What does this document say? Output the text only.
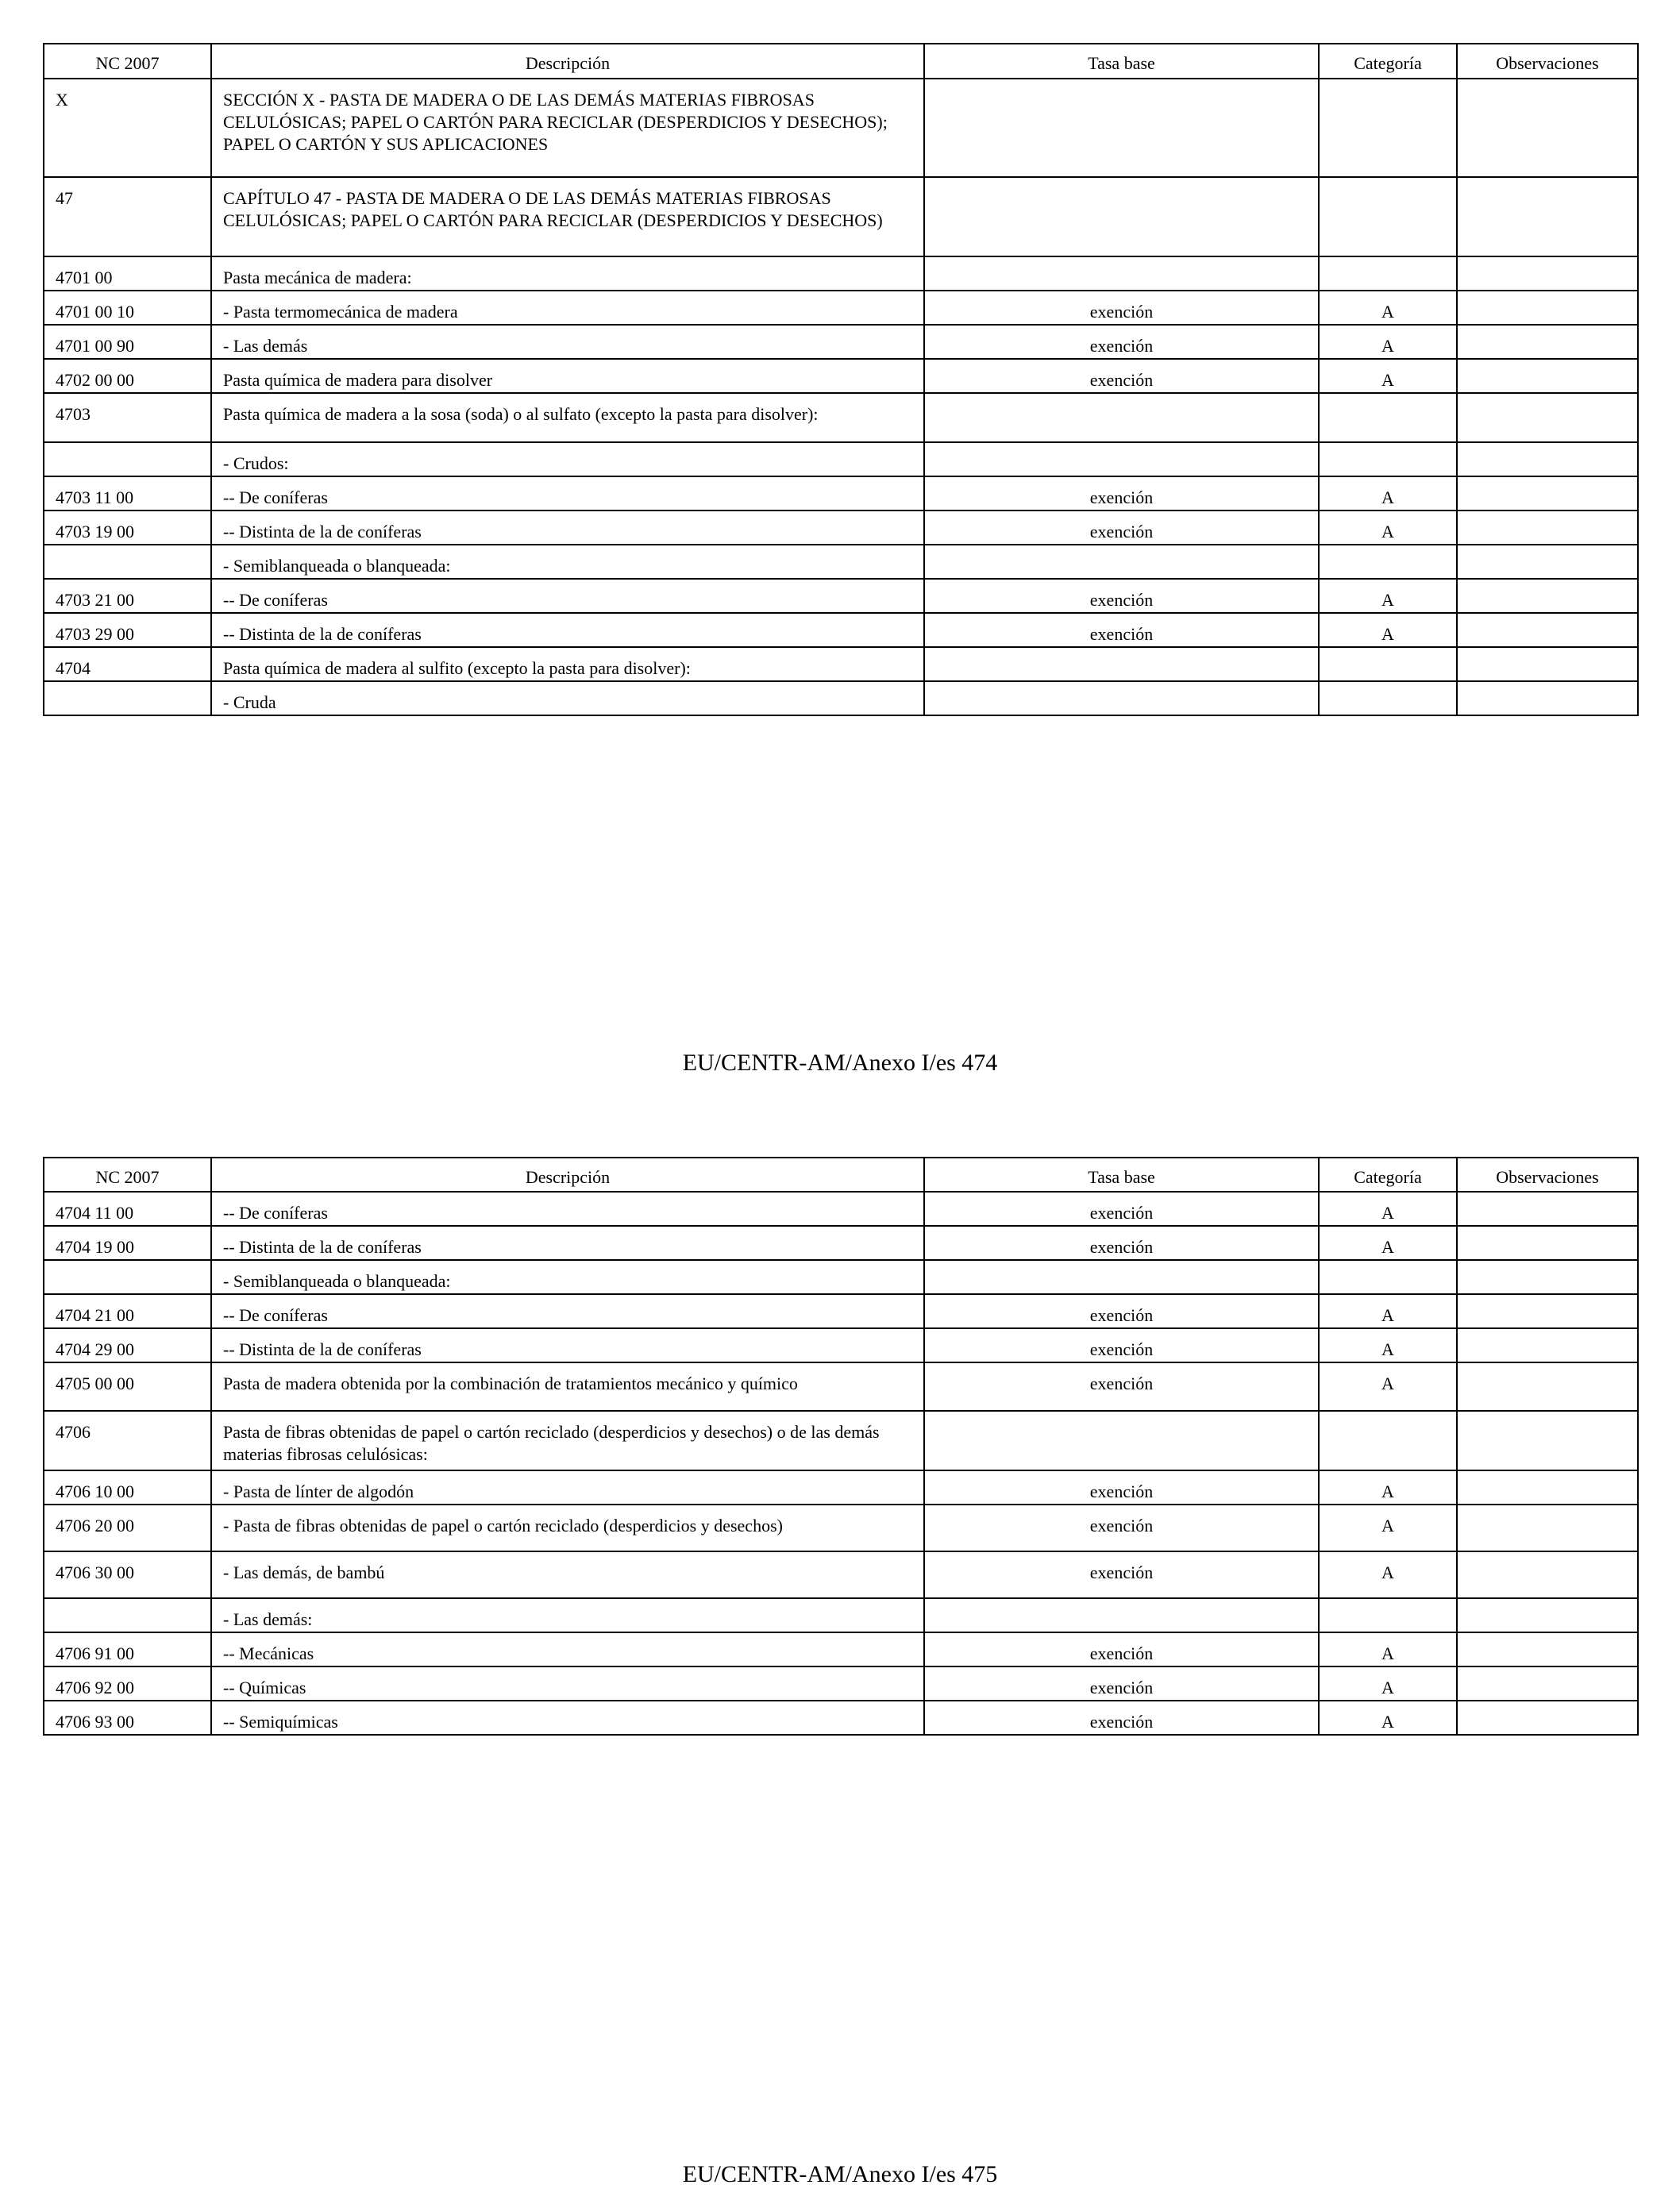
NC 2007	Descripción	Tasa base	Categoría	Observaciones
X	SECCIÓN X - PASTA DE MADERA O DE LAS DEMÁS MATERIAS FIBROSAS CELULÓSICAS; PAPEL O CARTÓN PARA RECICLAR (DESPERDICIOS Y DESECHOS); PAPEL O CARTÓN Y SUS APLICACIONES			
47	CAPÍTULO 47 - PASTA DE MADERA O DE LAS DEMÁS MATERIAS FIBROSAS CELULÓSICAS; PAPEL O CARTÓN PARA RECICLAR (DESPERDICIOS Y DESECHOS)			
4701 00	Pasta mecánica de madera:			
4701 00 10	- Pasta termomecánica de madera	exención	A	
4701 00 90	- Las demás	exención	A	
4702 00 00	Pasta química de madera para disolver	exención	A	
4703	Pasta química de madera a la sosa (soda) o al sulfato (excepto la pasta para disolver):			
	- Crudos:			
4703 11 00	-- De coníferas	exención	A	
4703 19 00	-- Distinta de la de coníferas	exención	A	
	- Semiblanqueada o blanqueada:			
4703 21 00	-- De coníferas	exención	A	
4703 29 00	-- Distinta de la de coníferas	exención	A	
4704	Pasta química de madera al sulfito (excepto la pasta para disolver):			
	- Cruda			
EU/CENTR-AM/Anexo I/es 474
NC 2007	Descripción	Tasa base	Categoría	Observaciones
4704 11 00	-- De coníferas	exención	A	
4704 19 00	-- Distinta de la de coníferas	exención	A	
	- Semiblanqueada o blanqueada:			
4704 21 00	-- De coníferas	exención	A	
4704 29 00	-- Distinta de la de coníferas	exención	A	
4705 00 00	Pasta de madera obtenida por la combinación de tratamientos mecánico y químico	exención	A	
4706	Pasta de fibras obtenidas de papel o cartón reciclado (desperdicios y desechos) o de las demás materias fibrosas celulósicas:			
4706 10 00	- Pasta de línter de algodón	exención	A	
4706 20 00	- Pasta de fibras obtenidas de papel o cartón reciclado (desperdicios y desechos)	exención	A	
4706 30 00	- Las demás, de bambú	exención	A	
	- Las demás:			
4706 91 00	-- Mecánicas	exención	A	
4706 92 00	-- Químicas	exención	A	
4706 93 00	-- Semiquímicas	exención	A	
EU/CENTR-AM/Anexo I/es 475
